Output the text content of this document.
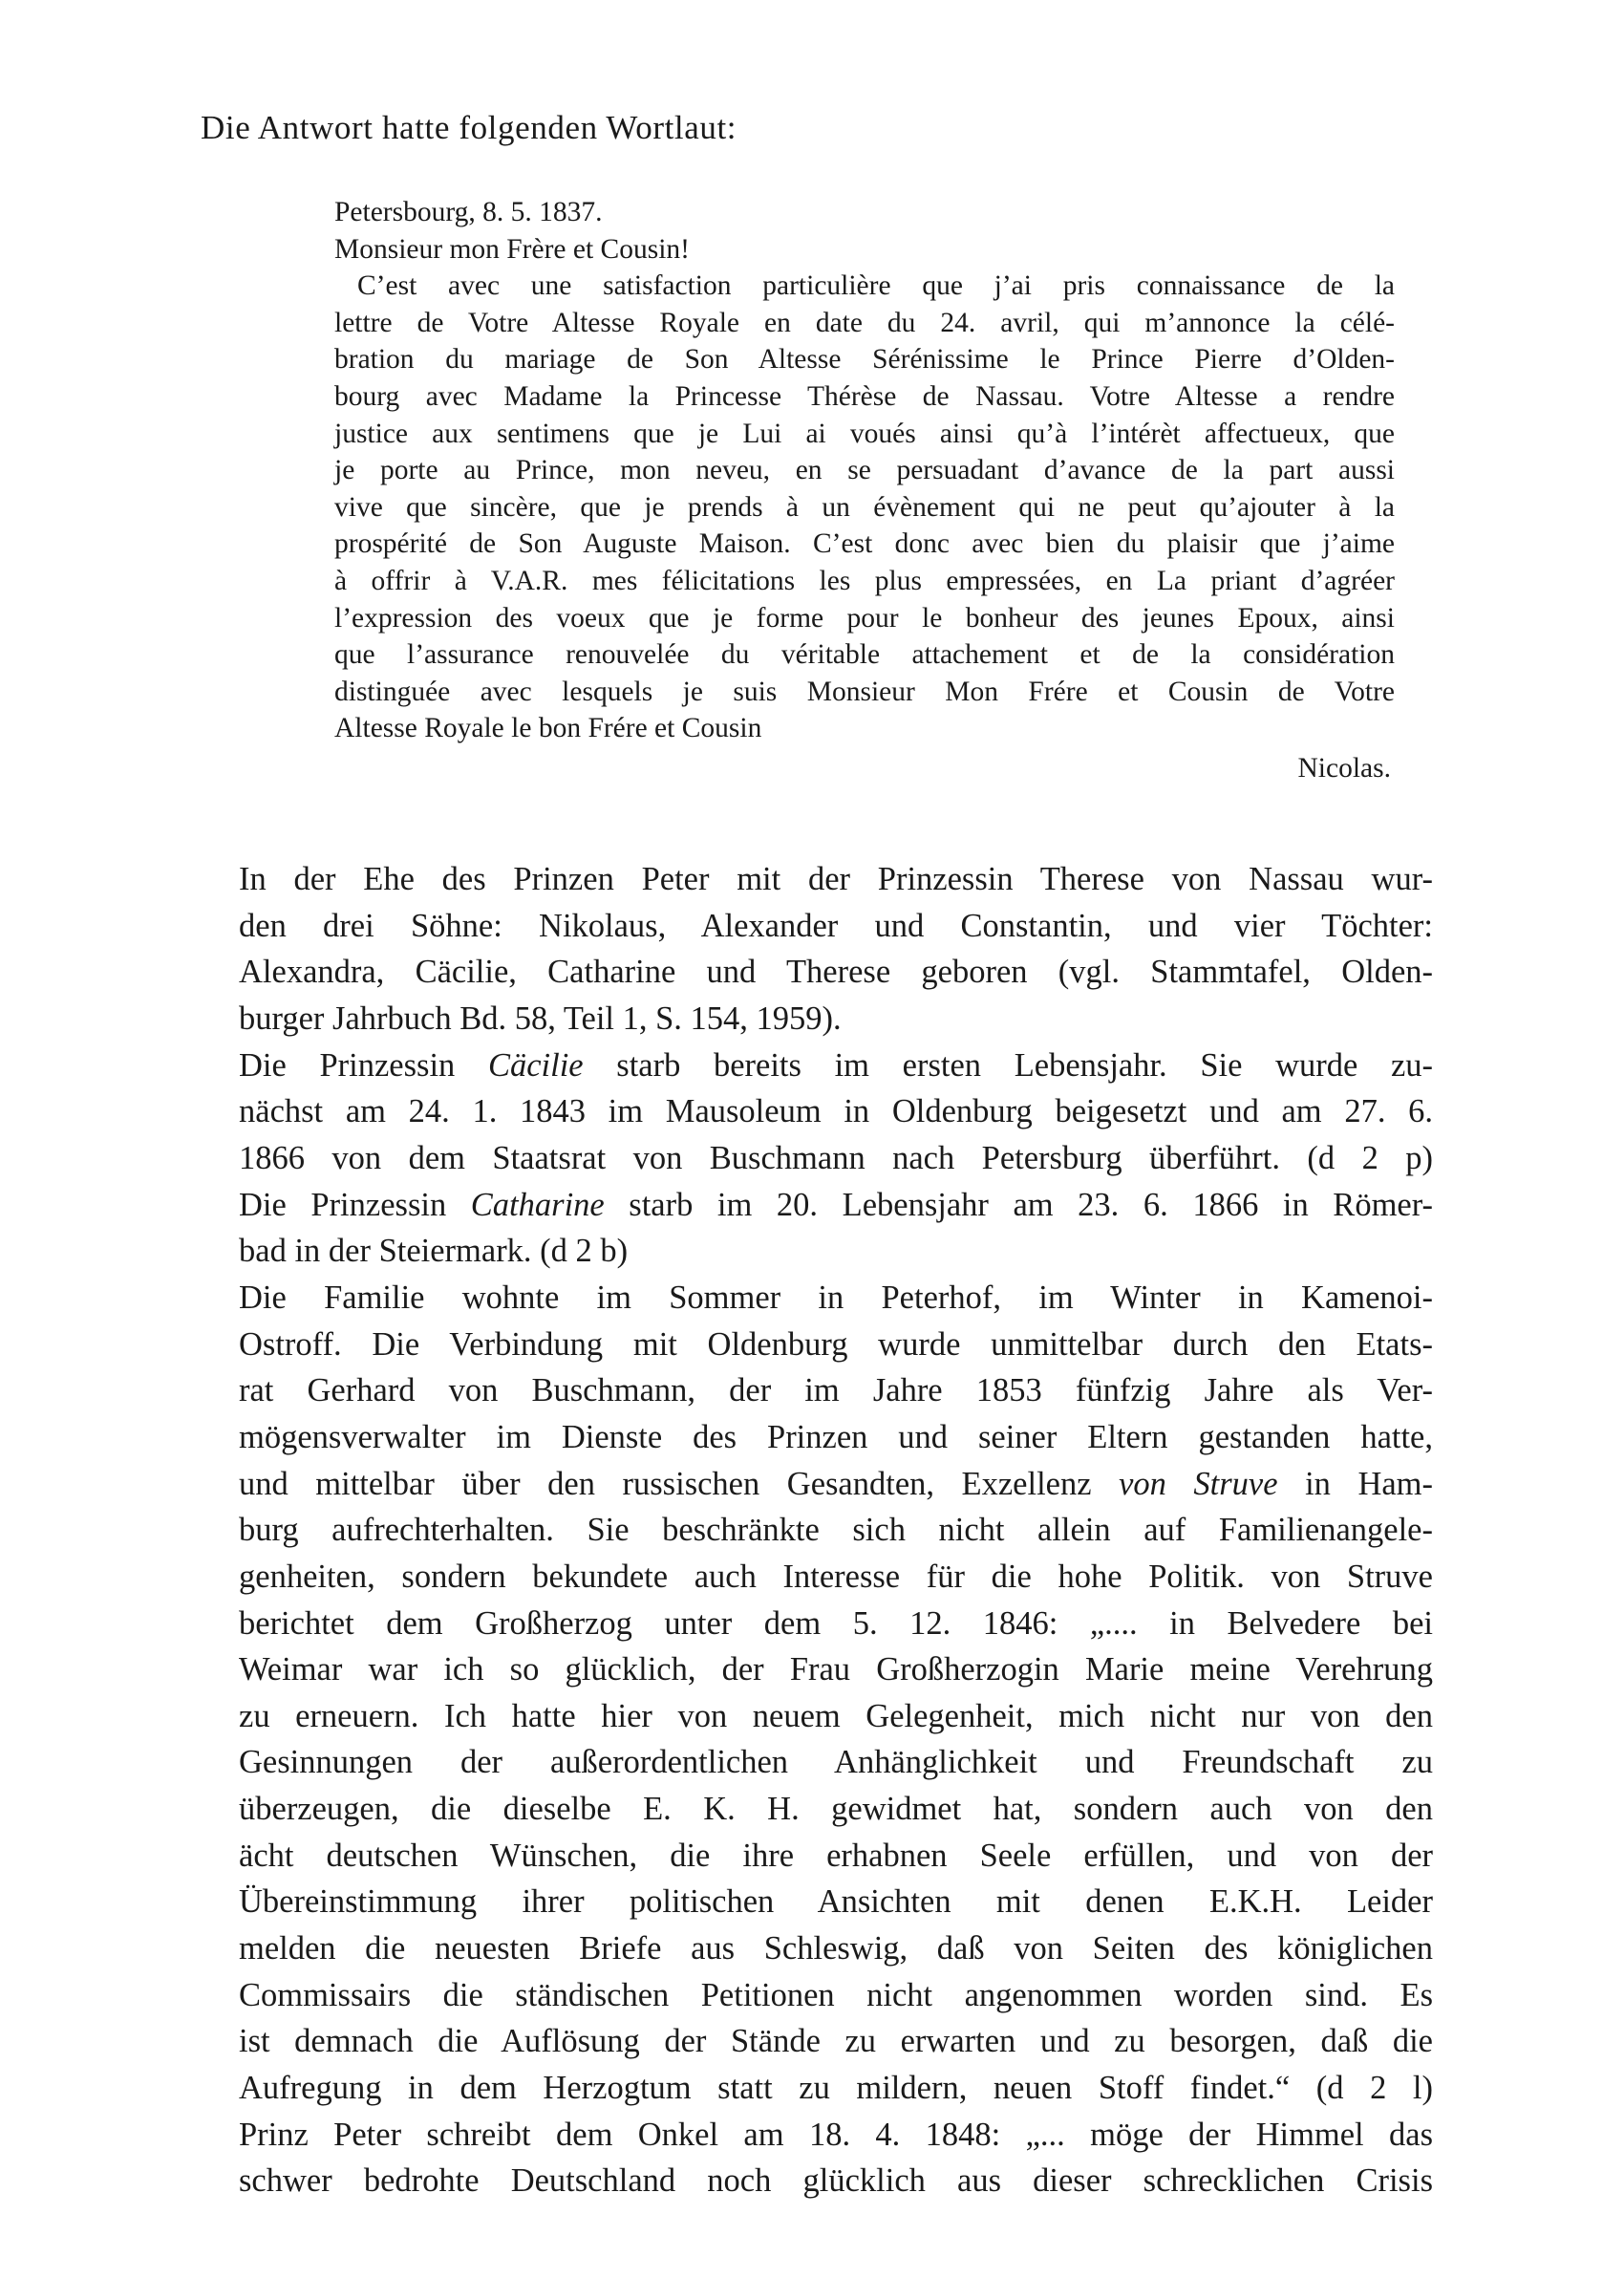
Die Antwort hatte folgenden Wortlaut:
Petersbourg, 8. 5. 1837.
Monsieur mon Frère et Cousin!
C’est avec une satisfaction particulière que j’ai pris connaissance de la
lettre de Votre Altesse Royale en date du 24. avril, qui m’annonce la célé-
bration du mariage de Son Altesse Sérénissime le Prince Pierre d’Olden-
bourg avec Madame la Princesse Thérèse de Nassau. Votre Altesse a rendre
justice aux sentimens que je Lui ai voués ainsi qu’à l’intérèt affectueux, que
je porte au Prince, mon neveu, en se persuadant d’avance de la part aussi
vive que sincère, que je prends à un évènement qui ne peut qu’ajouter à la
prospérité de Son Auguste Maison. C’est donc avec bien du plaisir que j’aime
à offrir à V.A.R. mes félicitations les plus empressées, en La priant d’agréer
l’expression des voeux que je forme pour le bonheur des jeunes Epoux, ainsi
que l’assurance renouvelée du véritable attachement et de la considération
distinguée avec lesquels je suis Monsieur Mon Frére et Cousin de Votre
Altesse Royale le bon Frére et Cousin
Nicolas.
In der Ehe des Prinzen Peter mit der Prinzessin Therese von Nassau wur-
den drei Söhne: Nikolaus, Alexander und Constantin, und vier Töchter:
Alexandra, Cäcilie, Catharine und Therese geboren (vgl. Stammtafel, Olden-
burger Jahrbuch Bd. 58, Teil 1, S. 154, 1959).
Die Prinzessin Cäcilie starb bereits im ersten Lebensjahr. Sie wurde zu-
nächst am 24. 1. 1843 im Mausoleum in Oldenburg beigesetzt und am 27. 6.
1866 von dem Staatsrat von Buschmann nach Petersburg überführt. (d 2 p)
Die Prinzessin Catharine starb im 20. Lebensjahr am 23. 6. 1866 in Römer-
bad in der Steiermark. (d 2 b)
Die Familie wohnte im Sommer in Peterhof, im Winter in Kamenoi-
Ostroff. Die Verbindung mit Oldenburg wurde unmittelbar durch den Etats-
rat Gerhard von Buschmann, der im Jahre 1853 fünfzig Jahre als Ver-
mögensverwalter im Dienste des Prinzen und seiner Eltern gestanden hatte,
und mittelbar über den russischen Gesandten, Exzellenz von Struve in Ham-
burg aufrechterhalten. Sie beschränkte sich nicht allein auf Familienangele-
genheiten, sondern bekundete auch Interesse für die hohe Politik. von Struve
berichtet dem Großherzog unter dem 5. 12. 1846: „.... in Belvedere bei
Weimar war ich so glücklich, der Frau Großherzogin Marie meine Verehrung
zu erneuern. Ich hatte hier von neuem Gelegenheit, mich nicht nur von den
Gesinnungen der außerordentlichen Anhänglichkeit und Freundschaft zu
überzeugen, die dieselbe E. K. H. gewidmet hat, sondern auch von den
ächt deutschen Wünschen, die ihre erhabnen Seele erfüllen, und von der
Übereinstimmung ihrer politischen Ansichten mit denen E.K.H. Leider
melden die neuesten Briefe aus Schleswig, daß von Seiten des königlichen
Commissairs die ständischen Petitionen nicht angenommen worden sind. Es
ist demnach die Auflösung der Stände zu erwarten und zu besorgen, daß die
Aufregung in dem Herzogtum statt zu mildern, neuen Stoff findet.“ (d 2 l)
Prinz Peter schreibt dem Onkel am 18. 4. 1848: „... möge der Himmel das
schwer bedrohte Deutschland noch glücklich aus dieser schrecklichen Crisis
